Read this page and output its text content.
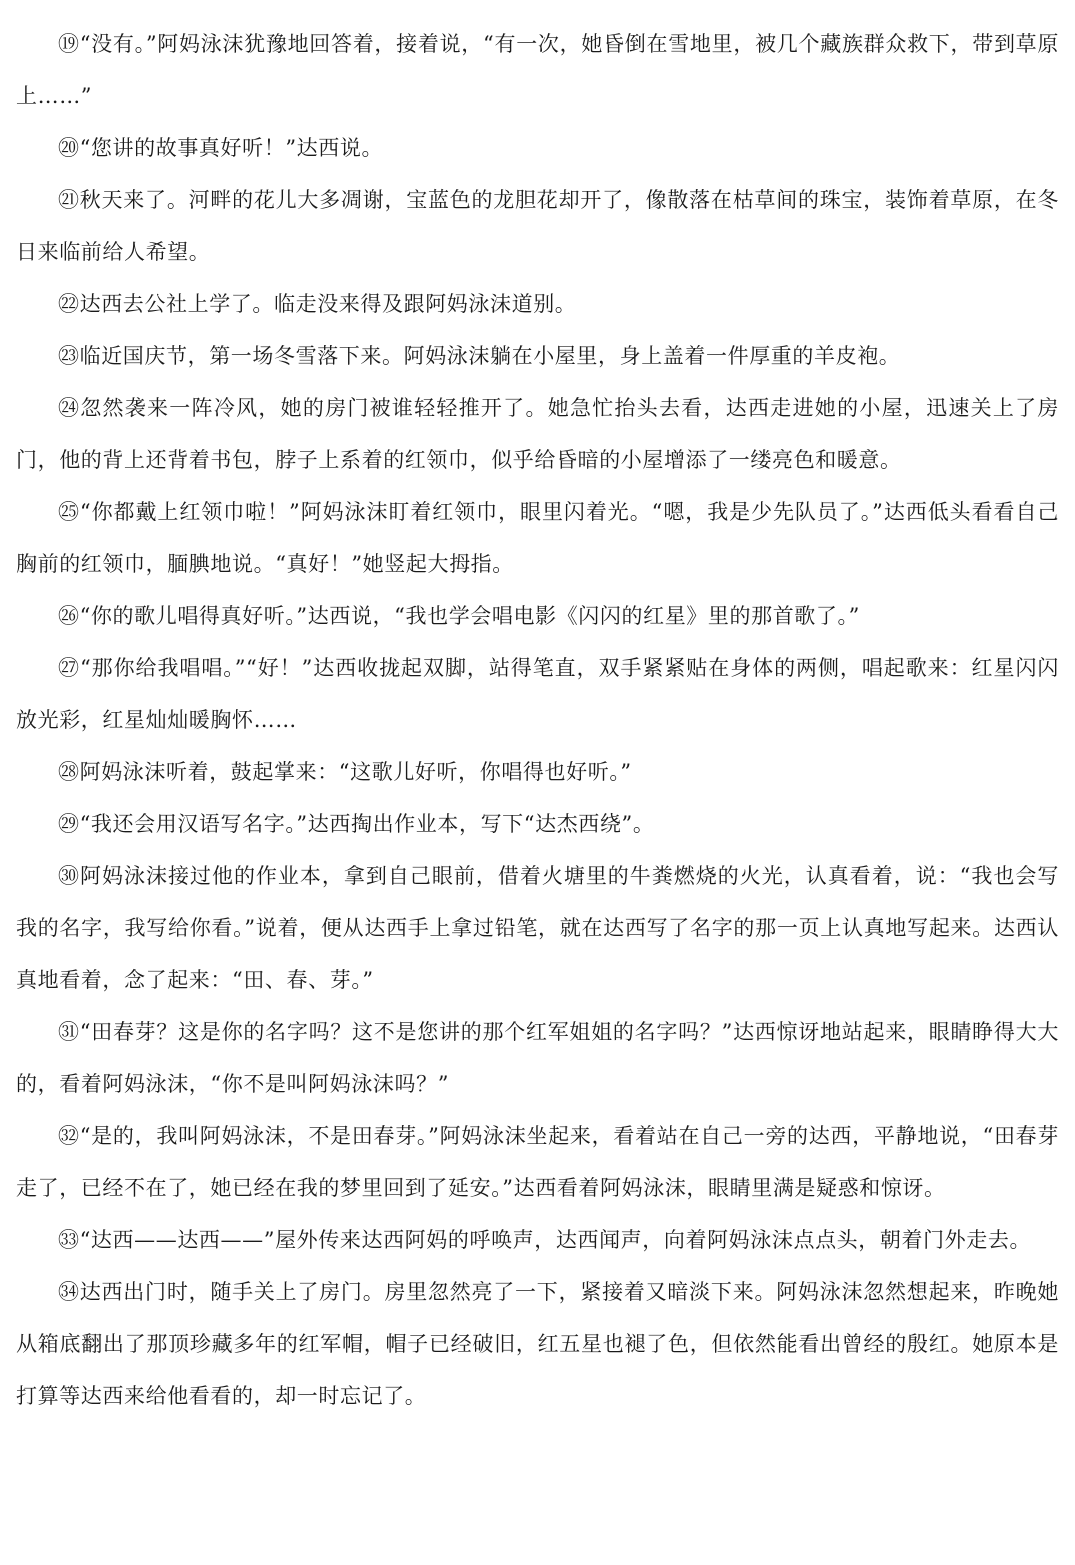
⑲“没有。”阿妈泳沫犹豫地回答着，接着说，“有一次，她昏倒在雪地里，被几个藏族群众救下，带到草原上……”

⑳“您讲的故事真好听！”达西说。

㉑秋天来了。河畔的花儿大多凋谢，宝蓝色的龙胆花却开了，像散落在枯草间的珠宝，装饰着草原，在冬日来临前给人希望。

㉒达西去公社上学了。临走没来得及跟阿妈泳沫道别。

㉓临近国庆节，第一场冬雪落下来。阿妈泳沫躺在小屋里，身上盖着一件厚重的羊皮袍。

㉔忽然袭来一阵冷风，她的房门被谁轻轻推开了。她急忙抬头去看，达西走进她的小屋，迅速关上了房门，他的背上还背着书包，脖子上系着的红领巾，似乎给昏暗的小屋增添了一缕亮色和暖意。

㉕“你都戴上红领巾啦！”阿妈泳沫盯着红领巾，眼里闪着光。“嗯，我是少先队员了。”达西低头看看自己胸前的红领巾，腼腆地说。“真好！”她竖起大拇指。

㉖“你的歌儿唱得真好听。”达西说，“我也学会唱电影《闪闪的红星》里的那首歌了。”

㉗“那你给我唱唱。”“好！”达西收拢起双脚，站得笔直，双手紧紧贴在身体的两侧，唱起歌来：红星闪闪放光彩，红星灿灿暖胸怀……

㉘阿妈泳沫听着，鼓起掌来：“这歌儿好听，你唱得也好听。”

㉙“我还会用汉语写名字。”达西掏出作业本，写下“达杰西绕”。

㉚阿妈泳沫接过他的作业本，拿到自己眼前，借着火塘里的牛粪燃烧的火光，认真看着，说：“我也会写我的名字，我写给你看。”说着，便从达西手上拿过铅笔，就在达西写了名字的那一页上认真地写起来。达西认真地看着，念了起来：“田、春、芽。”

㉛“田春芽？这是你的名字吗？这不是您讲的那个红军姐姐的名字吗？”达西惊讶地站起来，眼睛睁得大大的，看着阿妈泳沫，“你不是叫阿妈泳沫吗？”

㉜“是的，我叫阿妈泳沫，不是田春芽。”阿妈泳沫坐起来，看着站在自己一旁的达西，平静地说，“田春芽走了，已经不在了，她已经在我的梦里回到了延安。”达西看着阿妈泳沫，眼睛里满是疑惑和惊讶。

㉝“达西——达西——”屋外传来达西阿妈的呼唤声，达西闻声，向着阿妈泳沫点点头，朝着门外走去。

㉞达西出门时，随手关上了房门。房里忽然亮了一下，紧接着又暗淡下来。阿妈泳沫忽然想起来，昨晚她从箱底翻出了那顶珍藏多年的红军帽，帽子已经破旧，红五星也褪了色，但依然能看出曾经的殷红。她原本是打算等达西来给他看看的，却一时忘记了。
